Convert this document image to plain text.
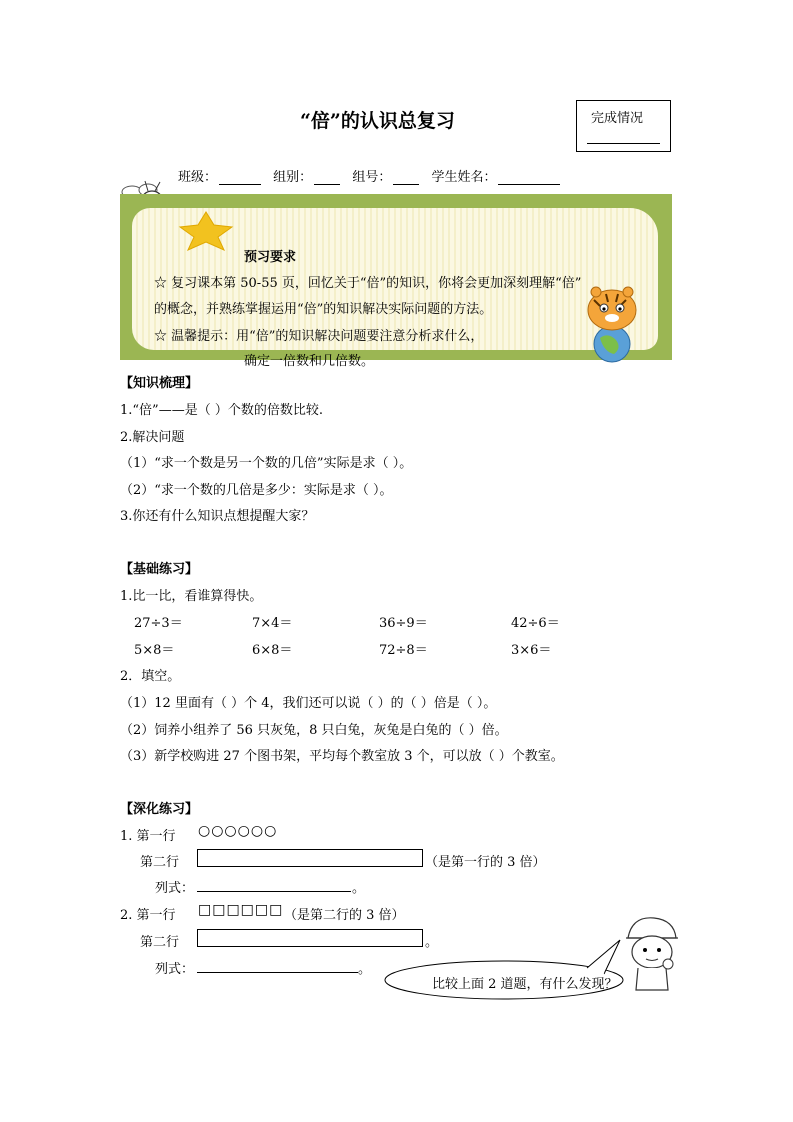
“倍”的认识总复习	完成情况
班级：	组别：	组号：	学生姓名：
预习要求
☆ 复习课本第 50-55 页，回忆关于“倍”的知识，你将会更加深刻理解“倍”
的概念，并熟练掌握运用“倍”的知识解决实际问题的方法。
☆ 温馨提示：用“倍”的知识解决问题要注意分析求什么，
确定一倍数和几倍数。
【知识梳理】
1.“倍”——是（ ）个数的倍数比较.
2.解决问题
（1）“求一个数是另一个数的几倍”实际是求（ ）。
（2）“求一个数的几倍是多少：实际是求（ ）。
3.你还有什么知识点想提醒大家？
【基础练习】
1.比一比，看谁算得快。
27÷3＝	7×4＝	36÷9＝	42÷6＝
5×8＝	6×8＝	72÷8＝	3×6＝
2．填空。
（1）12 里面有（ ）个 4，我们还可以说（ ）的（ ）倍是（ ）。
（2）饲养小组养了 56 只灰兔，8 只白兔，灰兔是白兔的（ ）倍。
（3）新学校购进 27 个图书架，平均每个教室放 3 个，可以放（ ）个教室。
【深化练习】
1. 第一行 ○○○○○○
第二行	（是第一行的 3 倍）
列式：	。
2. 第一行 □□□□□□ （是第二行的 3 倍）
第二行	。
列式：	。
比较上面 2 道题，有什么发现？
